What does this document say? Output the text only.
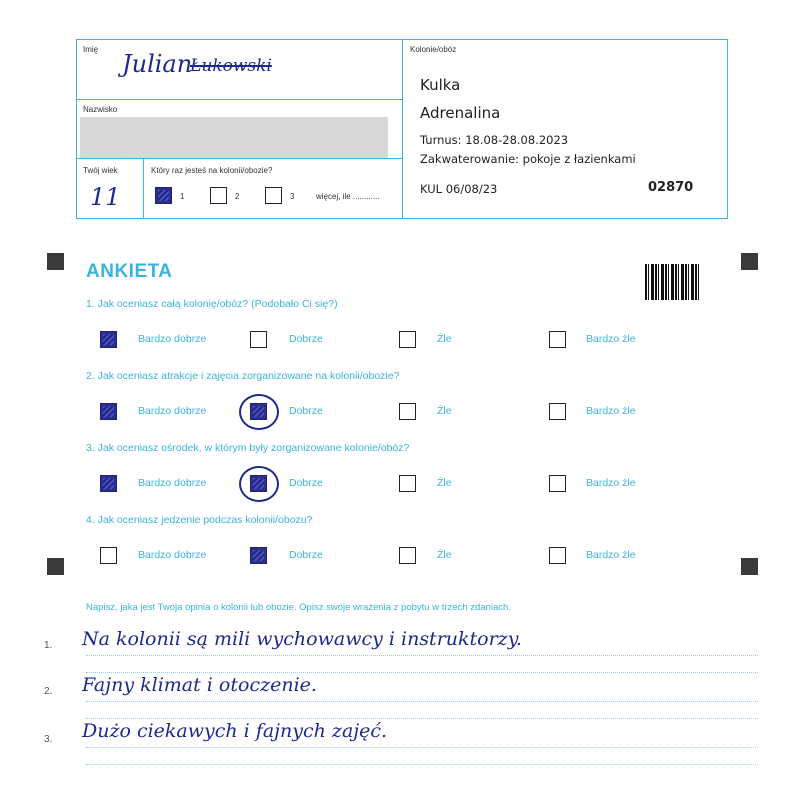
Imię
Julian
Łukowski
Nazwisko
Twój wiek
11
Który raz jesteś na kolonii/obozie?
1	2	3	więcej, ile ............
Kolonie/obóz
Kulka
Adrenalina
Turnus: 18.08-28.08.2023
Zakwaterowanie: pokoje z łazienkami
KUL 06/08/23	02870
ANKIETA
1. Jak oceniasz całą kolonię/obóz? (Podobało Ci się?)
Bardzo dobrze	Dobrze	Źle	Bardzo źle
2. Jak oceniasz atrakcje i zajęcia zorganizowane na kolonii/obozie?
Bardzo dobrze	Dobrze	Źle	Bardzo źle
3. Jak oceniasz ośrodek, w którym były zorganizowane kolonie/obóz?
Bardzo dobrze	Dobrze	Źle	Bardzo źle
4. Jak oceniasz jedzenie podczas kolonii/obozu?
Bardzo dobrze	Dobrze	Źle	Bardzo źle
Napisz, jaka jest Twoja opinia o kolonii lub obozie. Opisz swoje wrażenia z pobytu w trzech zdaniach.
1. Na kolonii są mili wychowawcy i instruktorzy.
2. Fajny klimat i otoczenie.
3. Dużo ciekawych i fajnych zajęć.
